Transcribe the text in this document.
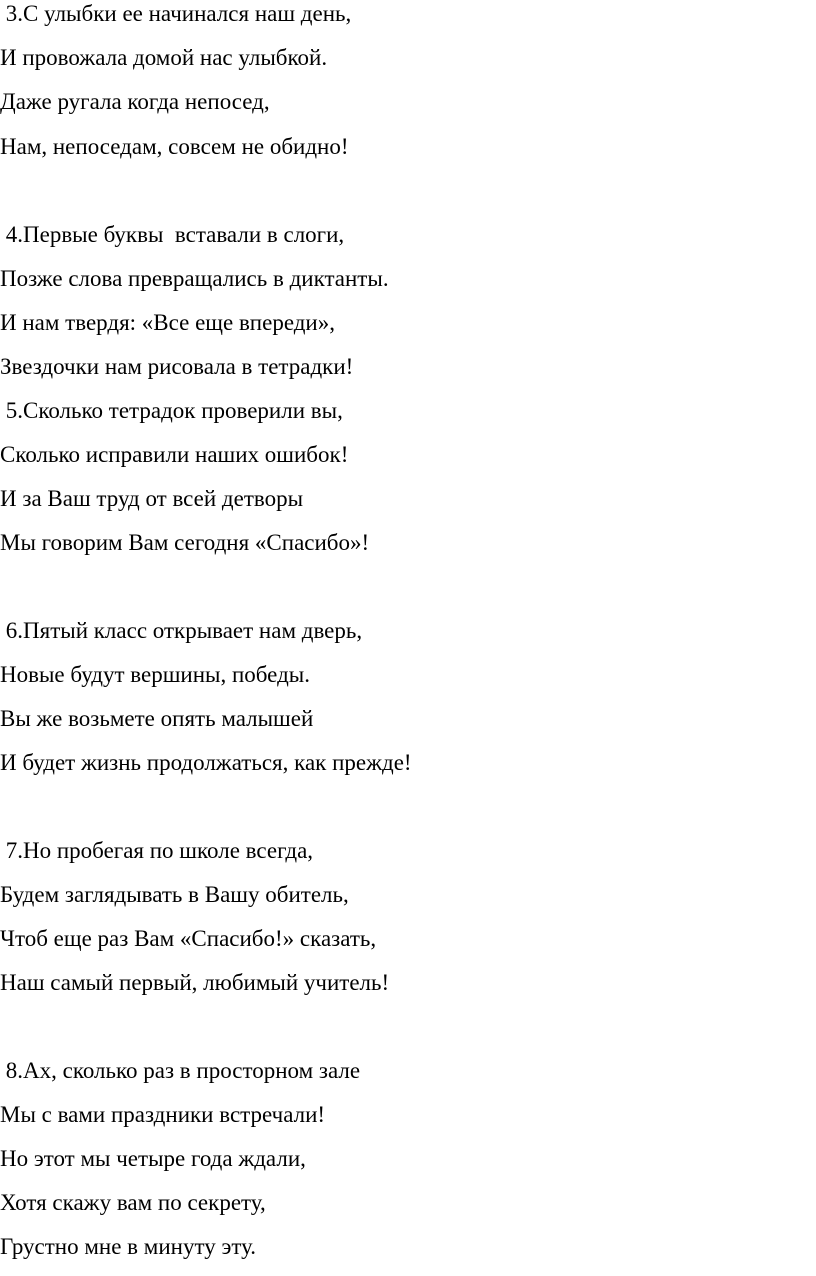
3.С улыбки ее начинался наш день,
И провожала домой нас улыбкой.
Даже ругала когда непосед,
Нам, непоседам, совсем не обидно!
4.Первые буквы  вставали в слоги,
Позже слова превращались в диктанты.
И нам твердя: «Все еще впереди»,
Звездочки нам рисовала в тетрадки!
5.Сколько тетрадок проверили вы,
Сколько исправили наших ошибок!
И за Ваш труд от всей детворы
Мы говорим Вам сегодня «Спасибо»!
6.Пятый класс открывает нам дверь,
Новые будут вершины, победы.
Вы же возьмете опять малышей
И будет жизнь продолжаться, как прежде!
7.Но пробегая по школе всегда,
Будем заглядывать в Вашу обитель,
Чтоб еще раз Вам «Спасибо!» сказать,
Наш самый первый, любимый учитель!
8.Ах, сколько раз в просторном зале
Мы с вами праздники встречали!
Но этот мы четыре года ждали,
Хотя скажу вам по секрету,
Грустно мне в минуту эту.
